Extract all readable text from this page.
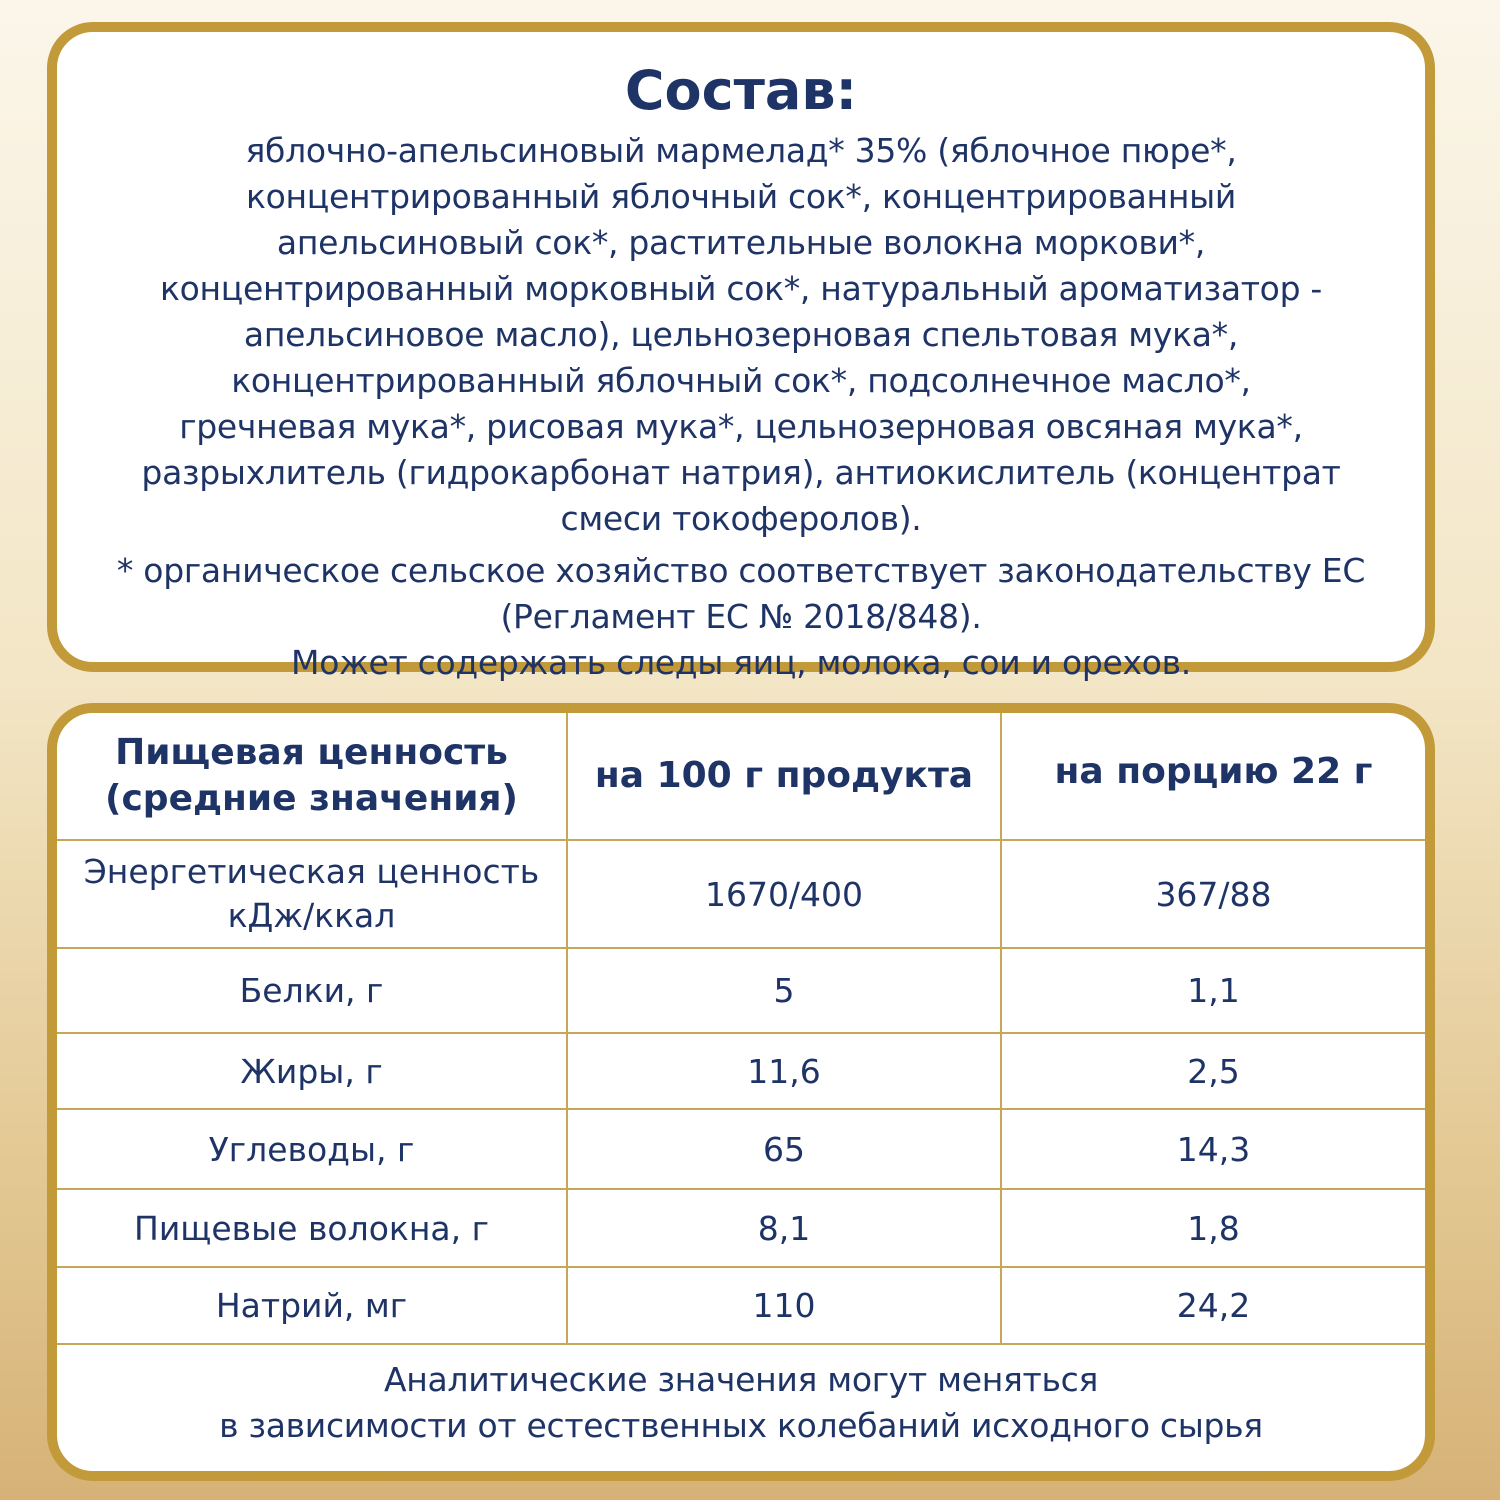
Состав:
яблочно-апельсиновый мармелад* 35% (яблочное пюре*,
концентрированный яблочный сок*, концентрированный
апельсиновый сок*, растительные волокна моркови*,
концентрированный морковный сок*, натуральный ароматизатор -
апельсиновое масло), цельнозерновая спельтовая мука*,
концентрированный яблочный сок*, подсолнечное масло*,
гречневая мука*, рисовая мука*, цельнозерновая овсяная мука*,
разрыхлитель (гидрокарбонат натрия), антиокислитель (концентрат
смеси токоферолов).
* органическое сельское хозяйство соответствует законодательству ЕС
(Регламент ЕС № 2018/848).
Может содержать следы яиц, молока, сои и орехов.
Пищевая ценность
(средние значения)	на 100 г продукта	на порцию 22 г

Энергетическая ценность
кДж/ккал	1670/400	367/88
Белки, г	5	1,1
Жиры, г	11,6	2,5
Углеводы, г	65	14,3
Пищевые волокна, г	8,1	1,8
Натрий, мг	110	24,2
Аналитические значения могут меняться
в зависимости от естественных колебаний исходного сырья
